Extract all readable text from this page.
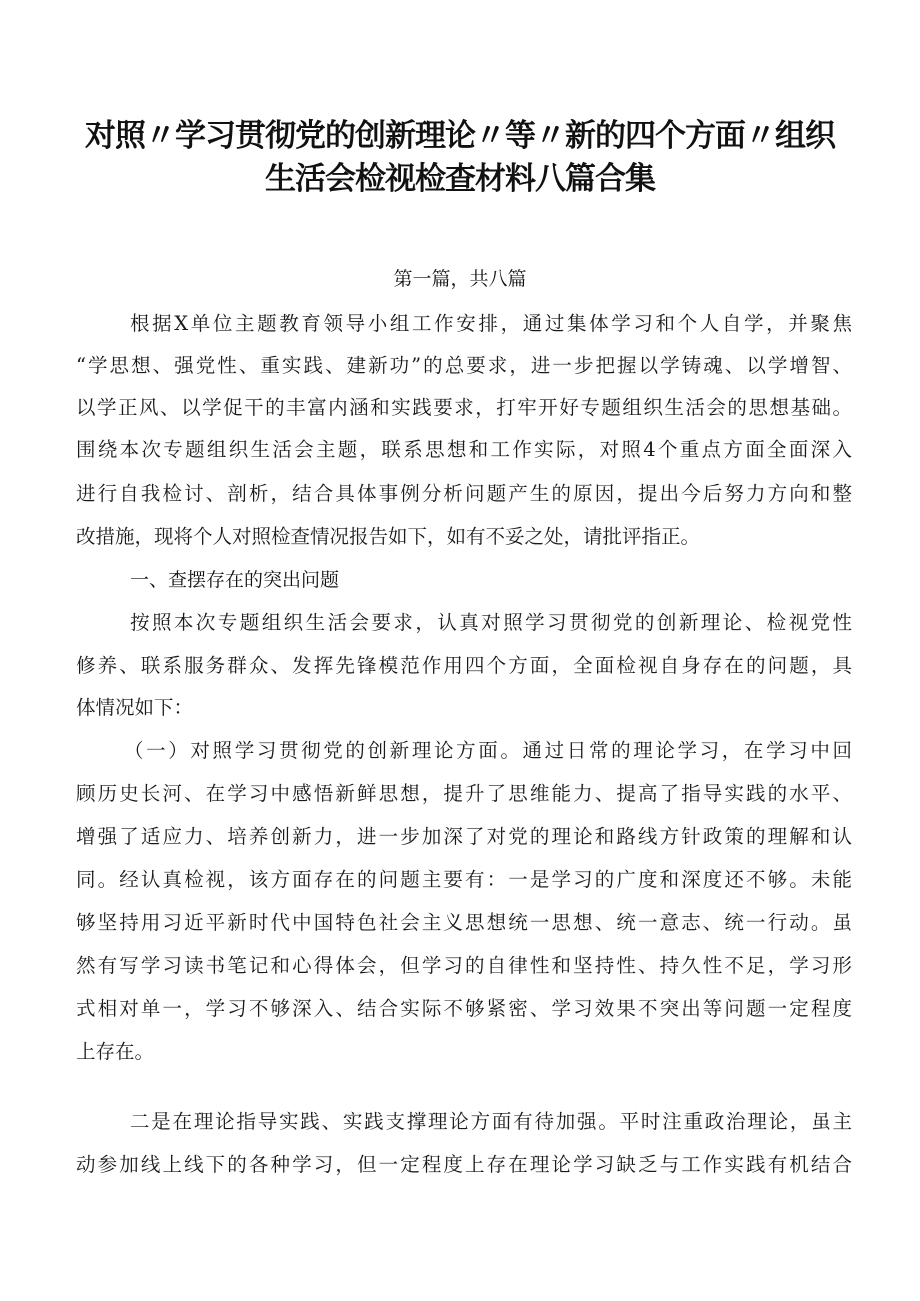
对照〃学习贯彻党的创新理论〃等〃新的四个方面〃组织
生活会检视检查材料八篇合集
第一篇，共八篇
根据X单位主题教育领导小组工作安排，通过集体学习和个人自学，并聚焦
“学思想、强党性、重实践、建新功”的总要求，进一步把握以学铸魂、以学增智、
以学正风、以学促干的丰富内涵和实践要求，打牢开好专题组织生活会的思想基础。
围绕本次专题组织生活会主题，联系思想和工作实际，对照4个重点方面全面深入
进行自我检讨、剖析，结合具体事例分析问题产生的原因，提出今后努力方向和整
改措施，现将个人对照检查情况报告如下，如有不妥之处，请批评指正。
一、查摆存在的突出问题
按照本次专题组织生活会要求，认真对照学习贯彻党的创新理论、检视党性
修养、联系服务群众、发挥先锋模范作用四个方面，全面检视自身存在的问题，具
体情况如下：
（一）对照学习贯彻党的创新理论方面。通过日常的理论学习，在学习中回
顾历史长河、在学习中感悟新鲜思想，提升了思维能力、提高了指导实践的水平、
增强了适应力、培养创新力，进一步加深了对党的理论和路线方针政策的理解和认
同。经认真检视，该方面存在的问题主要有：一是学习的广度和深度还不够。未能
够坚持用习近平新时代中国特色社会主义思想统一思想、统一意志、统一行动。虽
然有写学习读书笔记和心得体会，但学习的自律性和坚持性、持久性不足，学习形
式相对单一，学习不够深入、结合实际不够紧密、学习效果不突出等问题一定程度
上存在。
二是在理论指导实践、实践支撑理论方面有待加强。平时注重政治理论，虽主
动参加线上线下的各种学习，但一定程度上存在理论学习缺乏与工作实践有机结合
